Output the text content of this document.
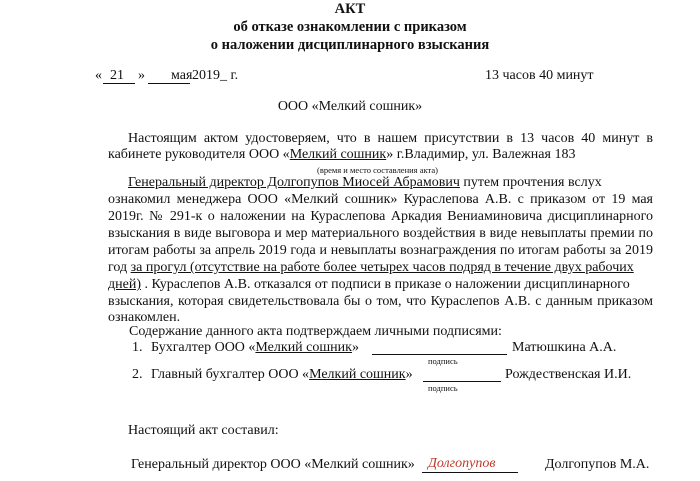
АКТ
об отказе ознакомлении с приказом
о наложении дисциплинарного взыскания
« 21 » мая 2019_ г.	13 часов 40 минут
ООО «Мелкий сошник»
Настоящим актом удостоверяем, что в нашем присутствии в 13 часов 40 минут в
кабинете руководителя ООО «Мелкий сошник» г.Владимир, ул. Валежная 183
(время и место составления акта)
Генеральный директор Долгопупов Миосей Абрамович путем прочтения вслух
ознакомил менеджера ООО «Мелкий сошник» Кураслепова А.В. с приказом от 19 мая
2019г. № 291-к о наложении на Кураслепова Аркадия Вениаминовича дисциплинарного
взыскания в виде выговора и мер материального воздействия в виде невыплаты премии по
итогам работы за апрель 2019 года и невыплаты вознаграждения по итогам работы за 2019
год за прогул (отсутствие на работе более четырех часов подряд в течение двух рабочих
дней) . Кураслепов А.В. отказался от подписи в приказе о наложении дисциплинарного
взыскания, которая свидетельствовала бы о том, что Кураслепов А.В. с данным приказом
ознакомлен.
Содержание данного акта подтверждаем личными подписями:
1. Бухгалтер ООО «Мелкий сошник»	Матюшкина А.А.
подпись
2. Главный бухгалтер ООО «Мелкий сошник»	Рождественская И.И.
подпись
Настоящий акт составил:
Генеральный директор ООО «Мелкий сошник» Долгопупов	Долгопупов М.А.
